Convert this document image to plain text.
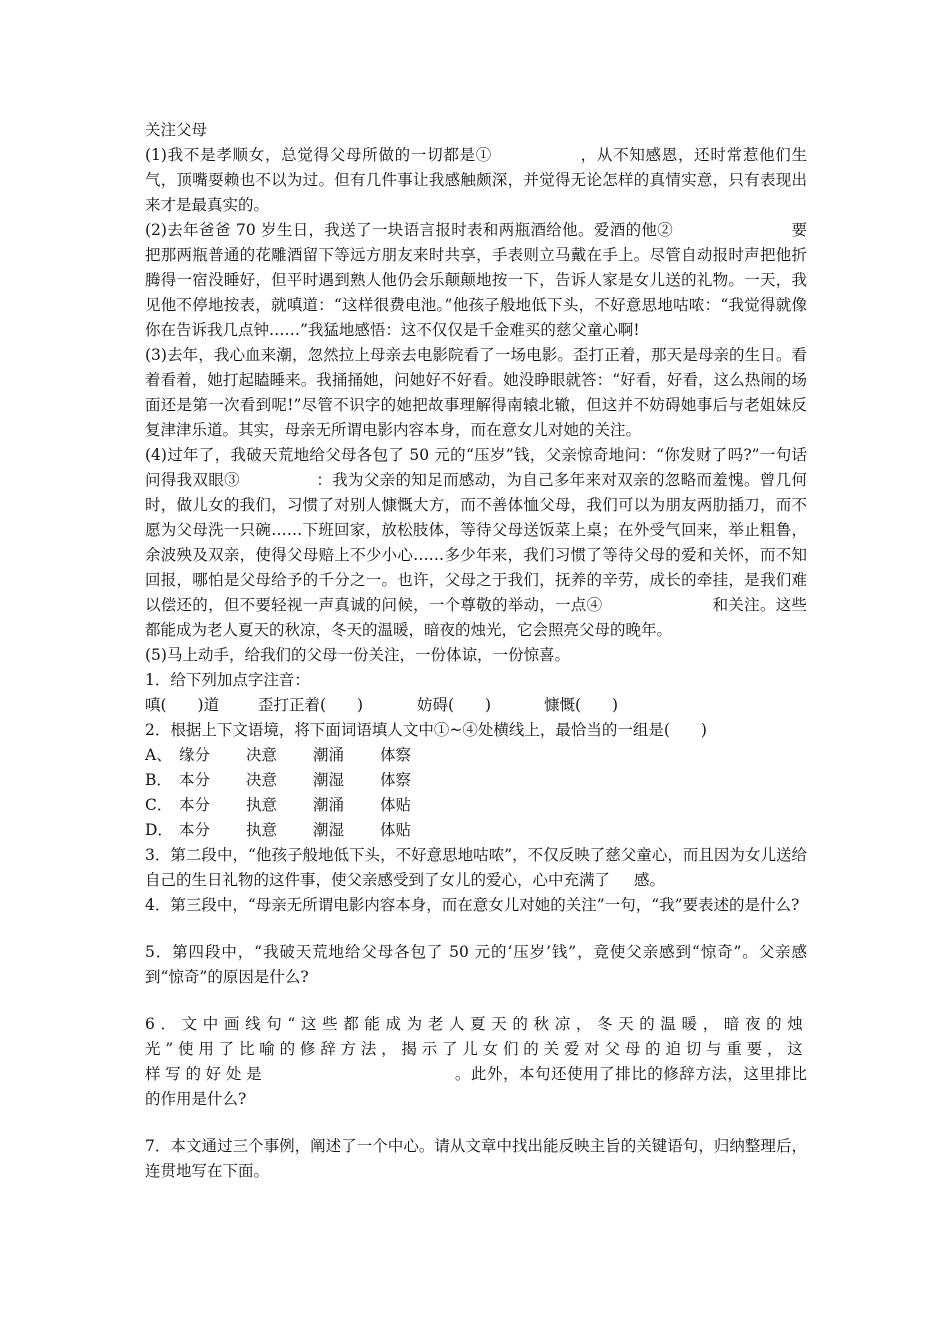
关注父母

(1)我不是孝顺女，总觉得父母所做的一切都是①	，从不知感恩，还时常惹他们生气，顶嘴耍赖也不以为过。但有几件事让我感触颇深，并觉得无论怎样的真情实意，只有表现出来才是最真实的。

(2)去年爸爸 70 岁生日，我送了一块语言报时表和两瓶酒给他。爱酒的他②	要把那两瓶普通的花雕酒留下等远方朋友来时共享，手表则立马戴在手上。尽管自动报时声把他折腾得一宿没睡好，但平时遇到熟人他仍会乐颠颠地按一下，告诉人家是女儿送的礼物。一天，我见他不停地按表，就嗔道：“这样很费电池。”他孩子般地低下头，不好意思地咕哝：“我觉得就像你在告诉我几点钟……”我猛地感悟：这不仅仅是千金难买的慈父童心啊!

(3)去年，我心血来潮，忽然拉上母亲去电影院看了一场电影。歪打正着，那天是母亲的生日。看着看着，她打起瞌睡来。我捅捅她，问她好不好看。她没睁眼就答：“好看，好看，这么热闹的场面还是第一次看到呢!”尽管不识字的她把故事理解得南辕北辙，但这并不妨碍她事后与老姐妹反复津津乐道。其实，母亲无所谓电影内容本身，而在意女儿对她的关注。

(4)过年了，我破天荒地给父母各包了 50 元的“压岁”钱，父亲惊奇地问：“你发财了吗?”一句话问得我双眼③	：我为父亲的知足而感动，为自己多年来对双亲的忽略而羞愧。曾几何时，做儿女的我们，习惯了对别人慷慨大方，而不善体恤父母，我们可以为朋友两肋插刀，而不愿为父母洗一只碗……下班回家，放松肢体，等待父母送饭菜上桌；在外受气回来，举止粗鲁，余波殃及双亲，使得父母赔上不少小心……多少年来，我们习惯了等待父母的爱和关怀，而不知回报，哪怕是父母给予的千分之一。也许，父母之于我们，抚养的辛劳，成长的牵挂，是我们难以偿还的，但不要轻视一声真诚的问候，一个尊敬的举动，一点④	和关注。这些都能成为老人夏天的秋凉，冬天的温暖，暗夜的烛光，它会照亮父母的晚年。

(5)马上动手，给我们的父母一份关注，一份体谅，一份惊喜。

1．给下列加点字注音：

嗔(　　)道	歪打正着(　　)	妨碍(　　)	慷慨(　　)

2．根据上下文语境，将下面词语填人文中①~④处横线上，最恰当的一组是(　　)

A、 缘分	决意	潮涌	体察
B． 本分	决意	潮湿	体察
C． 本分	执意	潮涌	体贴
D． 本分	执意	潮湿	体贴

3．第二段中，“他孩子般地低下头，不好意思地咕哝”，不仅反映了慈父童心，而且因为女儿送给自己的生日礼物的这件事，使父亲感受到了女儿的爱心，心中充满了 感。

4．第三段中，“母亲无所谓电影内容本身，而在意女儿对她的关注”一句，“我”要表述的是什么?

5．第四段中，“我破天荒地给父母各包了 50 元的‘压岁’钱”，竟使父亲感到“惊奇”。父亲感到“惊奇”的原因是什么?

6．文中画线句“这些都能成为老人夏天的秋凉，冬天的温暖，暗夜的烛光”使用了比喻的修辞方法，揭示了儿女们的关爱对父母的迫切与重要，这样写的好处是	。此外，本句还使用了排比的修辞方法，这里排比的作用是什么?

7．本文通过三个事例，阐述了一个中心。请从文章中找出能反映主旨的关键语句，归纳整理后，连贯地写在下面。
